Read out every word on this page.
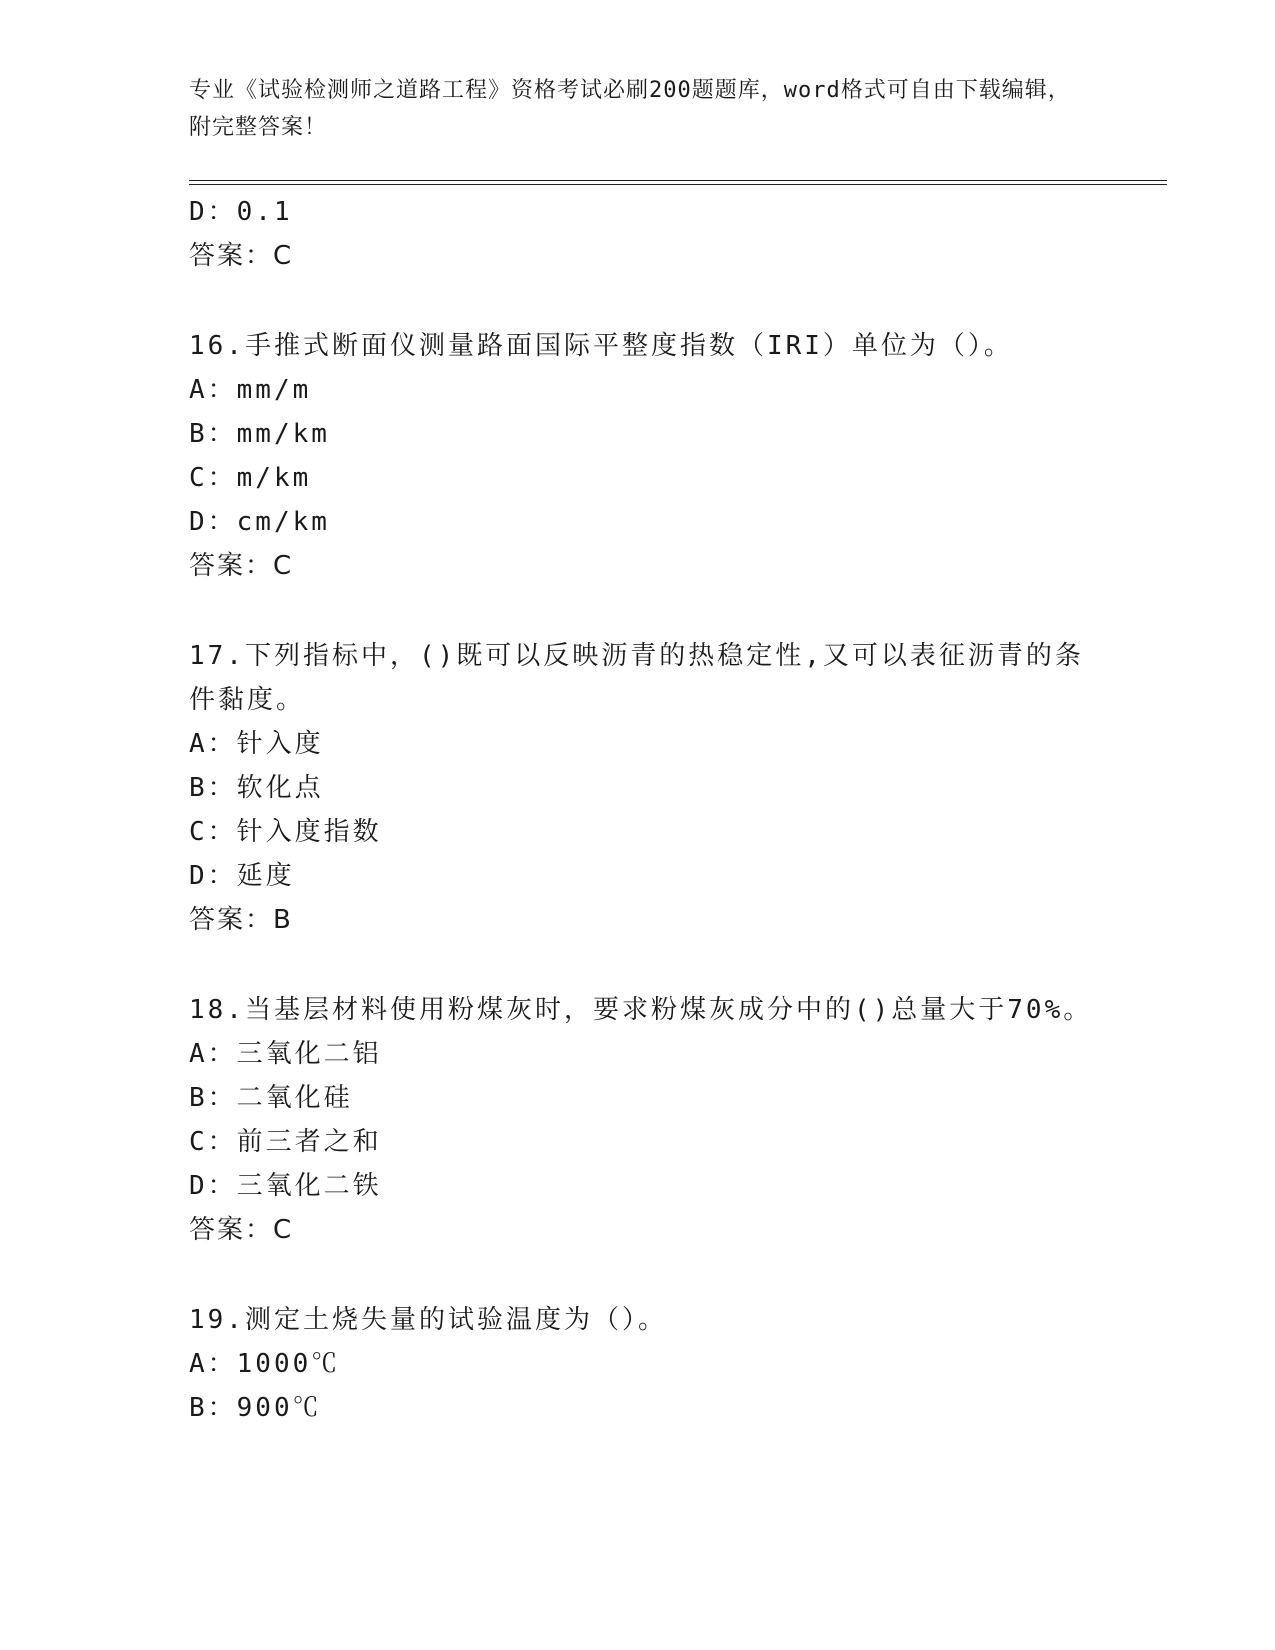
专业《试验检测师之道路工程》资格考试必刷200题题库，word格式可自由下载编辑，附完整答案！
D：0.1
答案：C
16.手推式断面仪测量路面国际平整度指数（IRI）单位为（）。
A：mm/m
B：mm/km
C：m/km
D：cm/km
答案：C
17.下列指标中，()既可以反映沥青的热稳定性,又可以表征沥青的条
件黏度。
A：针入度
B：软化点
C：针入度指数
D：延度
答案：B
18.当基层材料使用粉煤灰时，要求粉煤灰成分中的()总量大于70%。
A：三氧化二铝
B：二氧化硅
C：前三者之和
D：三氧化二铁
答案：C
19.测定土烧失量的试验温度为（）。
A：1000℃
B：900℃
